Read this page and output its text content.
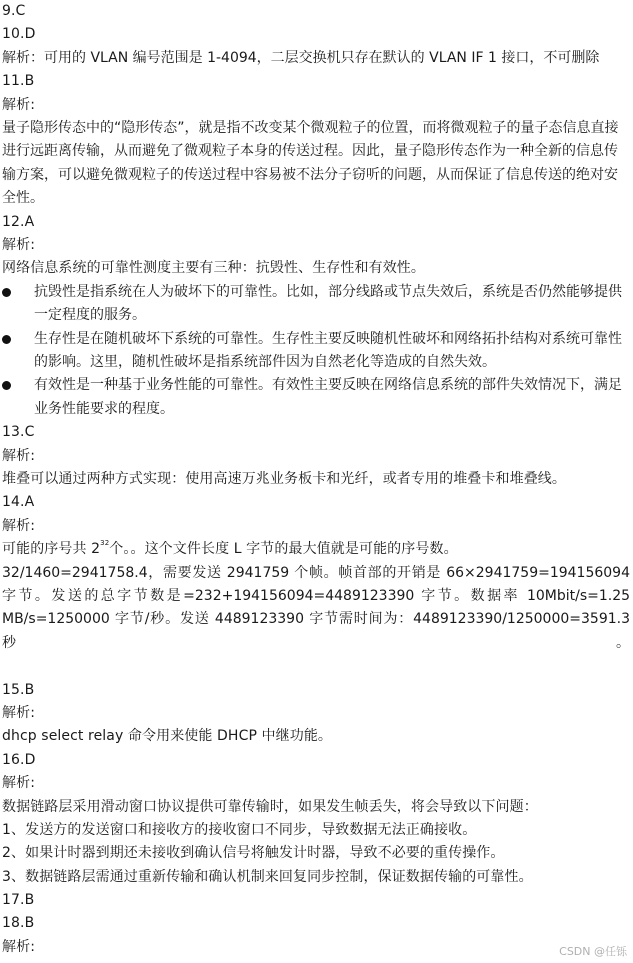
9.C
10.D
解析：可用的 VLAN 编号范围是 1-4094，二层交换机只存在默认的 VLAN IF 1 接口，不可删除
11.B
解析:
量子隐形传态中的“隐形传态”，就是指不改变某个微观粒子的位置，而将微观粒子的量子态信息直接进行远距离传输，从而避免了微观粒子本身的传送过程。因此，量子隐形传态作为一种全新的信息传输方案，可以避免微观粒子的传送过程中容易被不法分子窃听的问题，从而保证了信息传送的绝对安全性。
12.A
解析:
网络信息系统的可靠性测度主要有三种：抗毁性、生存性和有效性。
抗毁性是指系统在人为破坏下的可靠性。比如，部分线路或节点失效后，系统是否仍然能够提供一定程度的服务。
生存性是在随机破坏下系统的可靠性。生存性主要反映随机性破坏和网络拓扑结构对系统可靠性的影响。这里，随机性破坏是指系统部件因为自然老化等造成的自然失效。
有效性是一种基于业务性能的可靠性。有效性主要反映在网络信息系统的部件失效情况下，满足业务性能要求的程度。
13.C
解析:
堆叠可以通过两种方式实现：使用高速万兆业务板卡和光纤，或者专用的堆叠卡和堆叠线。
14.A
解析:
可能的序号共 $2^{32}$个。。这个文件长度 L 字节的最大值就是可能的序号数。
32/1460=2941758.4，需要发送 2941759 个帧。帧首部的开销是 66×2941759=194156094 字节。发送的总字节数是=232+194156094=4489123390 字节。数据率 10Mbit/s=1.25 MB/s=1250000 字节/秒。发送 4489123390 字节需时间为：4489123390/1250000=3591.3 秒。
15.B
解析:
dhcp select relay 命令用来使能 DHCP 中继功能。
16.D
解析:
数据链路层采用滑动窗口协议提供可靠传输时，如果发生帧丢失，将会导致以下问题：
1、发送方的发送窗口和接收方的接收窗口不同步，导致数据无法正确接收。
2、如果计时器到期还未接收到确认信号将触发计时器，导致不必要的重传操作。
3、数据链路层需通过重新传输和确认机制来回复同步控制，保证数据传输的可靠性。
17.B
18.B
解析:	CSDN @任铄
